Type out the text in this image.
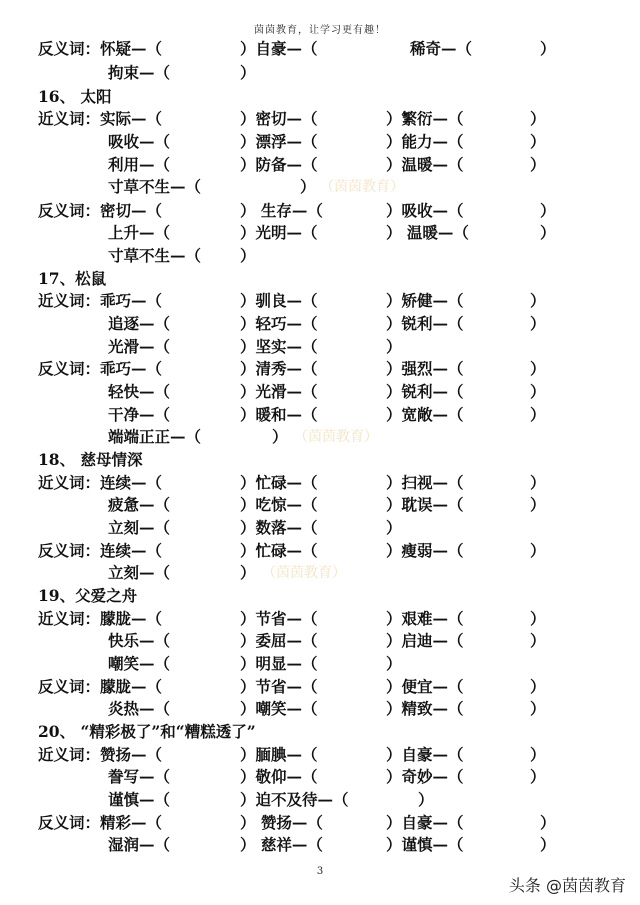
茵茵教育，让学习更有趣！
反义词：怀疑—（	）自豪—（	稀奇—（	）
拘束—（	）
16、 太阳
近义词：实际—（	）密切—（	）繁衍—（	）
吸收—（	）漂浮—（	）能力—（	）
利用—（	）防备—（	）温暖—（	）
寸草不生—（	） （茵茵教育）
反义词：密切—（	） 生存—（	）吸收—（	）
上升—（	）光明—（	） 温暖—（	）
寸草不生—（	）
17、松鼠
近义词：乖巧—（	）驯良—（	）矫健—（	）
追逐—（	）轻巧—（	）锐利—（	）
光滑—（	）坚实—（	）
反义词：乖巧—（	）清秀—（	）强烈—（	）
轻快—（	）光滑—（	）锐利—（	）
干净—（	）暖和—（	）宽敞—（	）
端端正正—（	） （茵茵教育）
18、 慈母情深
近义词：连续—（	）忙碌—（	）扫视—（	）
疲惫—（	）吃惊—（	）耽误—（	）
立刻—（	）数落—（	）
反义词：连续—（	）忙碌—（	）瘦弱—（	）
立刻—（	） （茵茵教育）
19、父爱之舟
近义词：朦胧—（	）节省—（	）艰难—（	）
快乐—（	）委屈—（	）启迪—（	）
嘲笑—（	）明显—（	）
反义词：朦胧—（	）节省—（	）便宜—（	）
炎热—（	）嘲笑—（	）精致—（	）
20、 “精彩极了”和“糟糕透了”
近义词：赞扬—（	）腼腆—（	）自豪—（	）
誊写—（	）敬仰—（	）奇妙—（	）
谨慎—（	）迫不及待—（	）
反义词：精彩—（	） 赞扬—（	）自豪—（	）
湿润—（	） 慈祥—（	）谨慎—（	）
3
头条 @茵茵教育
